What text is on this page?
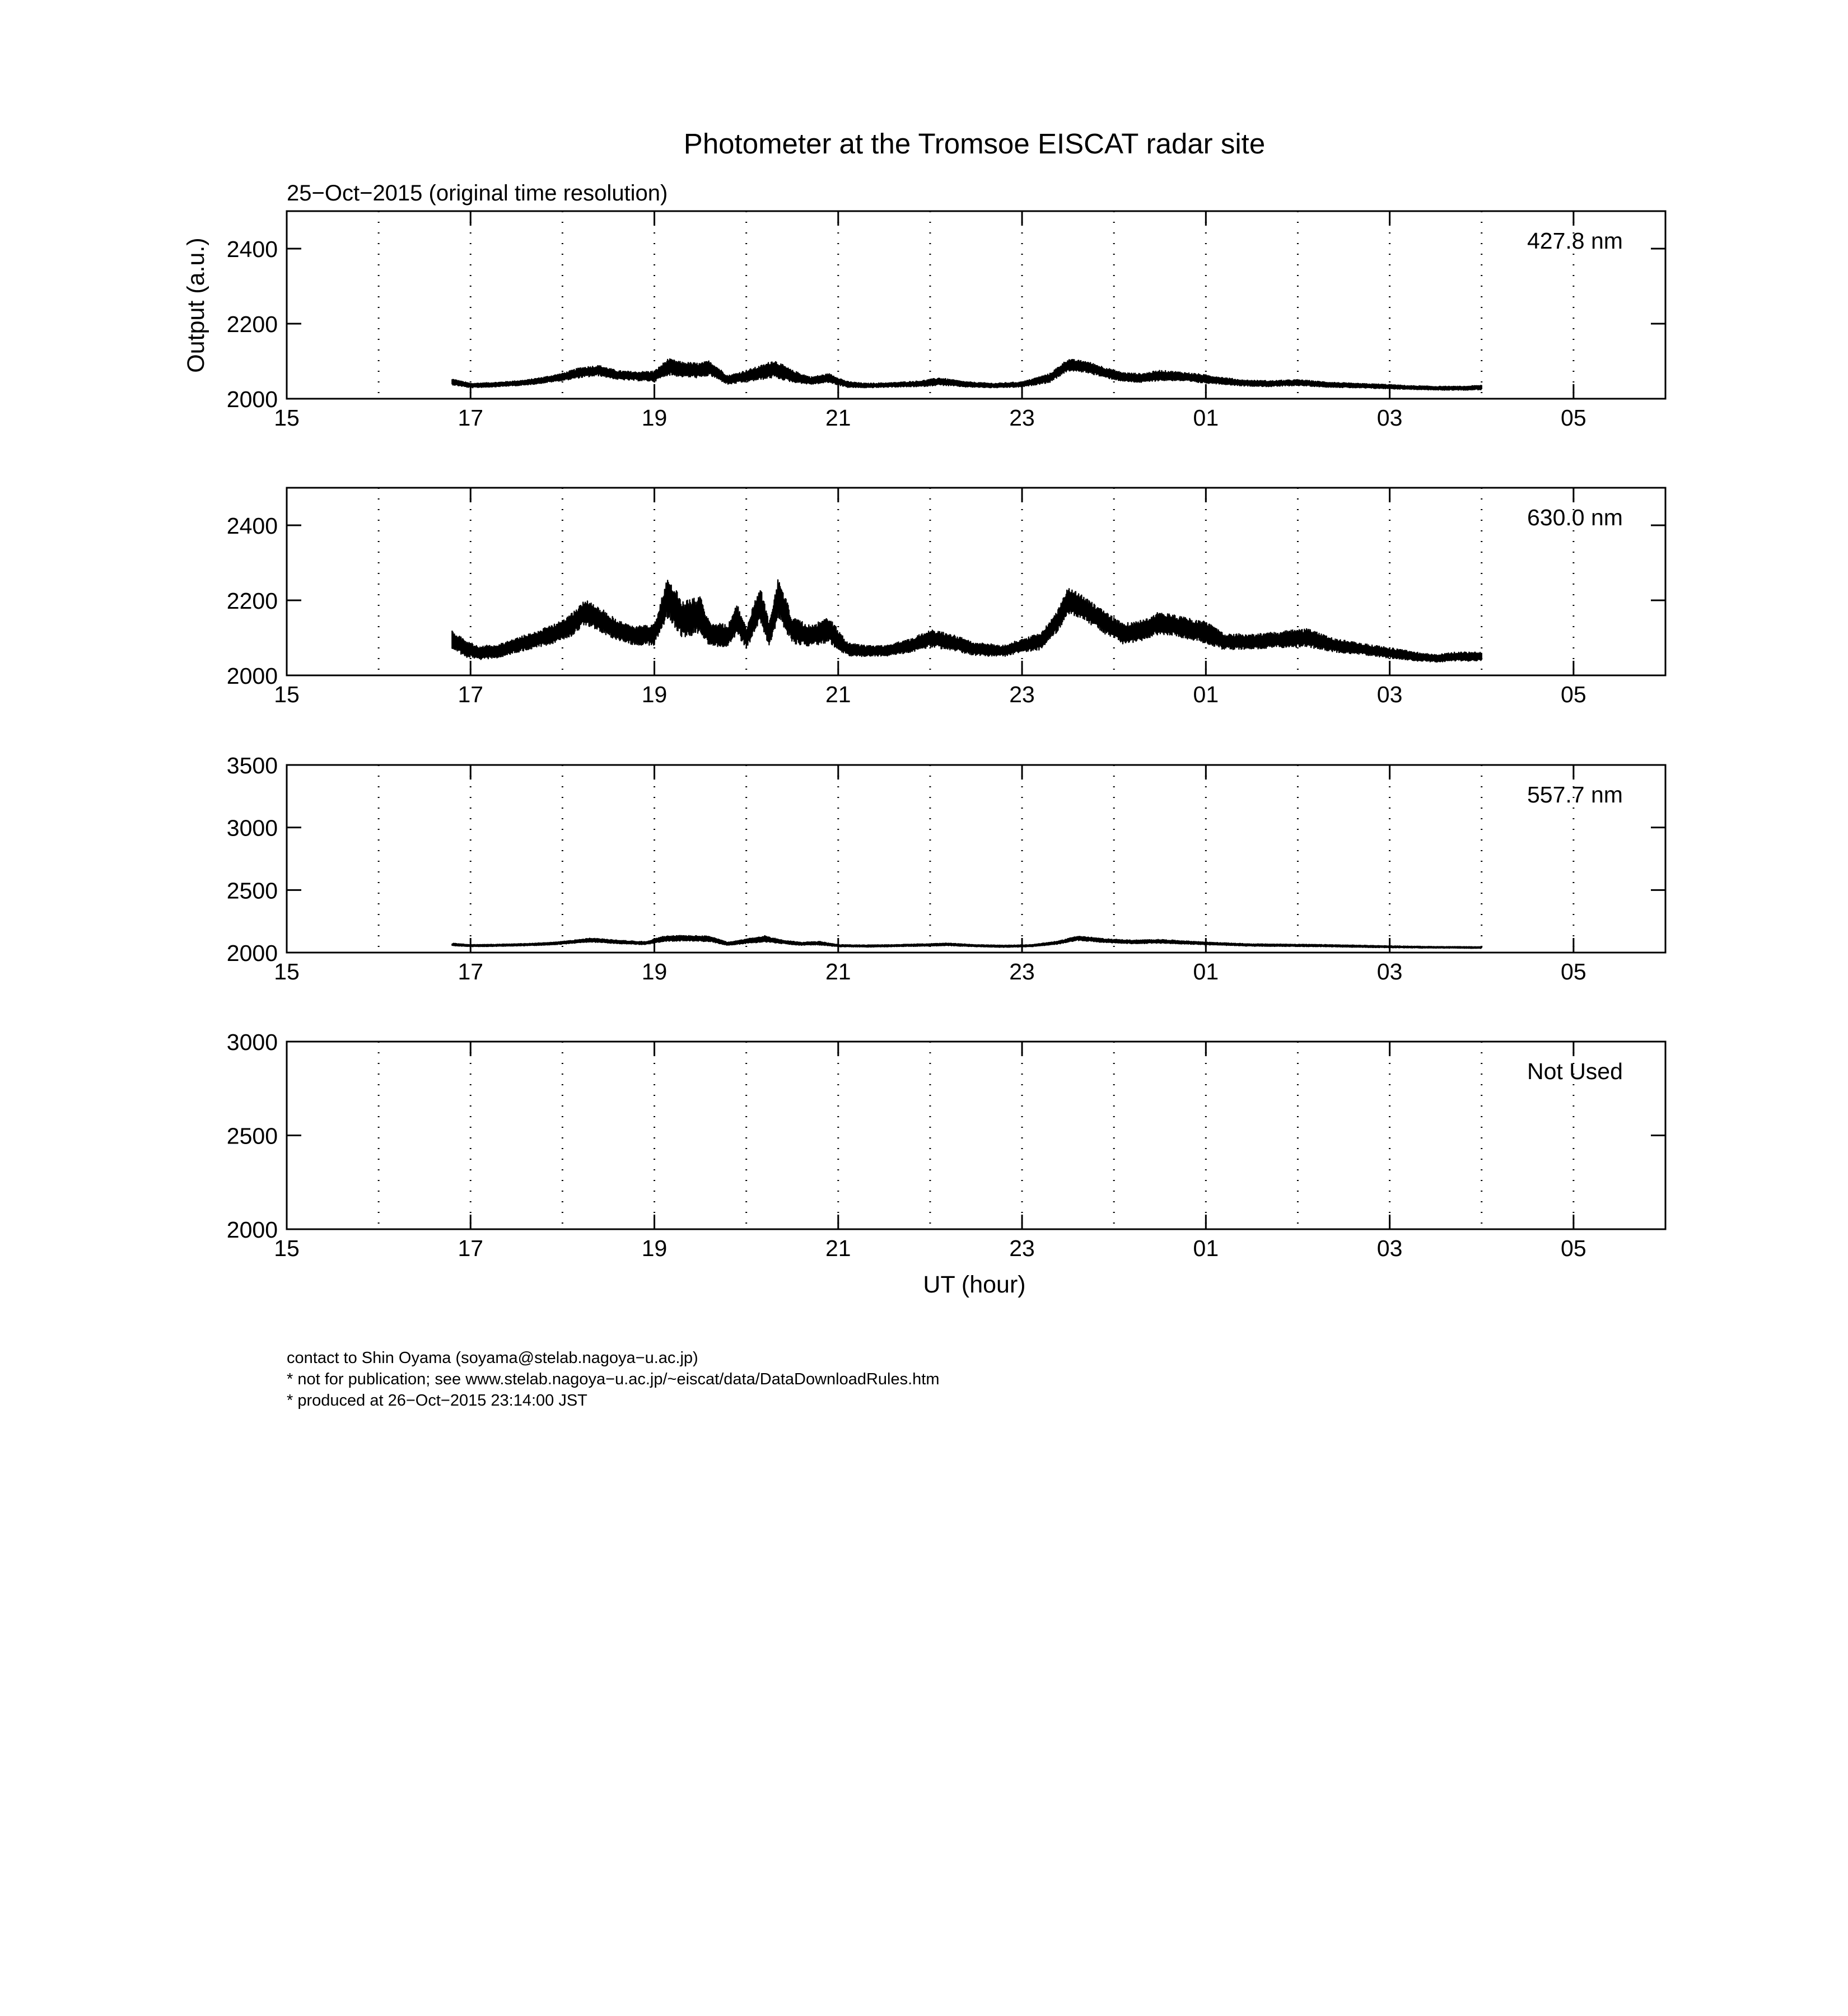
Photometer at the Tromsoe EISCAT radar site
25−Oct−2015 (original time resolution)
Output (a.u.)
UT (hour)
15	17	19	21	23	01	03	05
2000
2200
2400	427.8 nm
15	17	19	21	23	01	03	05
2000
2200
2400	630.0 nm
15	17	19	21	23	01	03	05
2000
2500
3000
3500
557.7 nm
15	17	19	21	23	01	03	05
2000
2500
3000
Not Used
contact to Shin Oyama (soyama@stelab.nagoya−u.ac.jp)
* not for publication; see www.stelab.nagoya−u.ac.jp/~eiscat/data/DataDownloadRules.htm
* produced at 26−Oct−2015 23:14:00 JST
